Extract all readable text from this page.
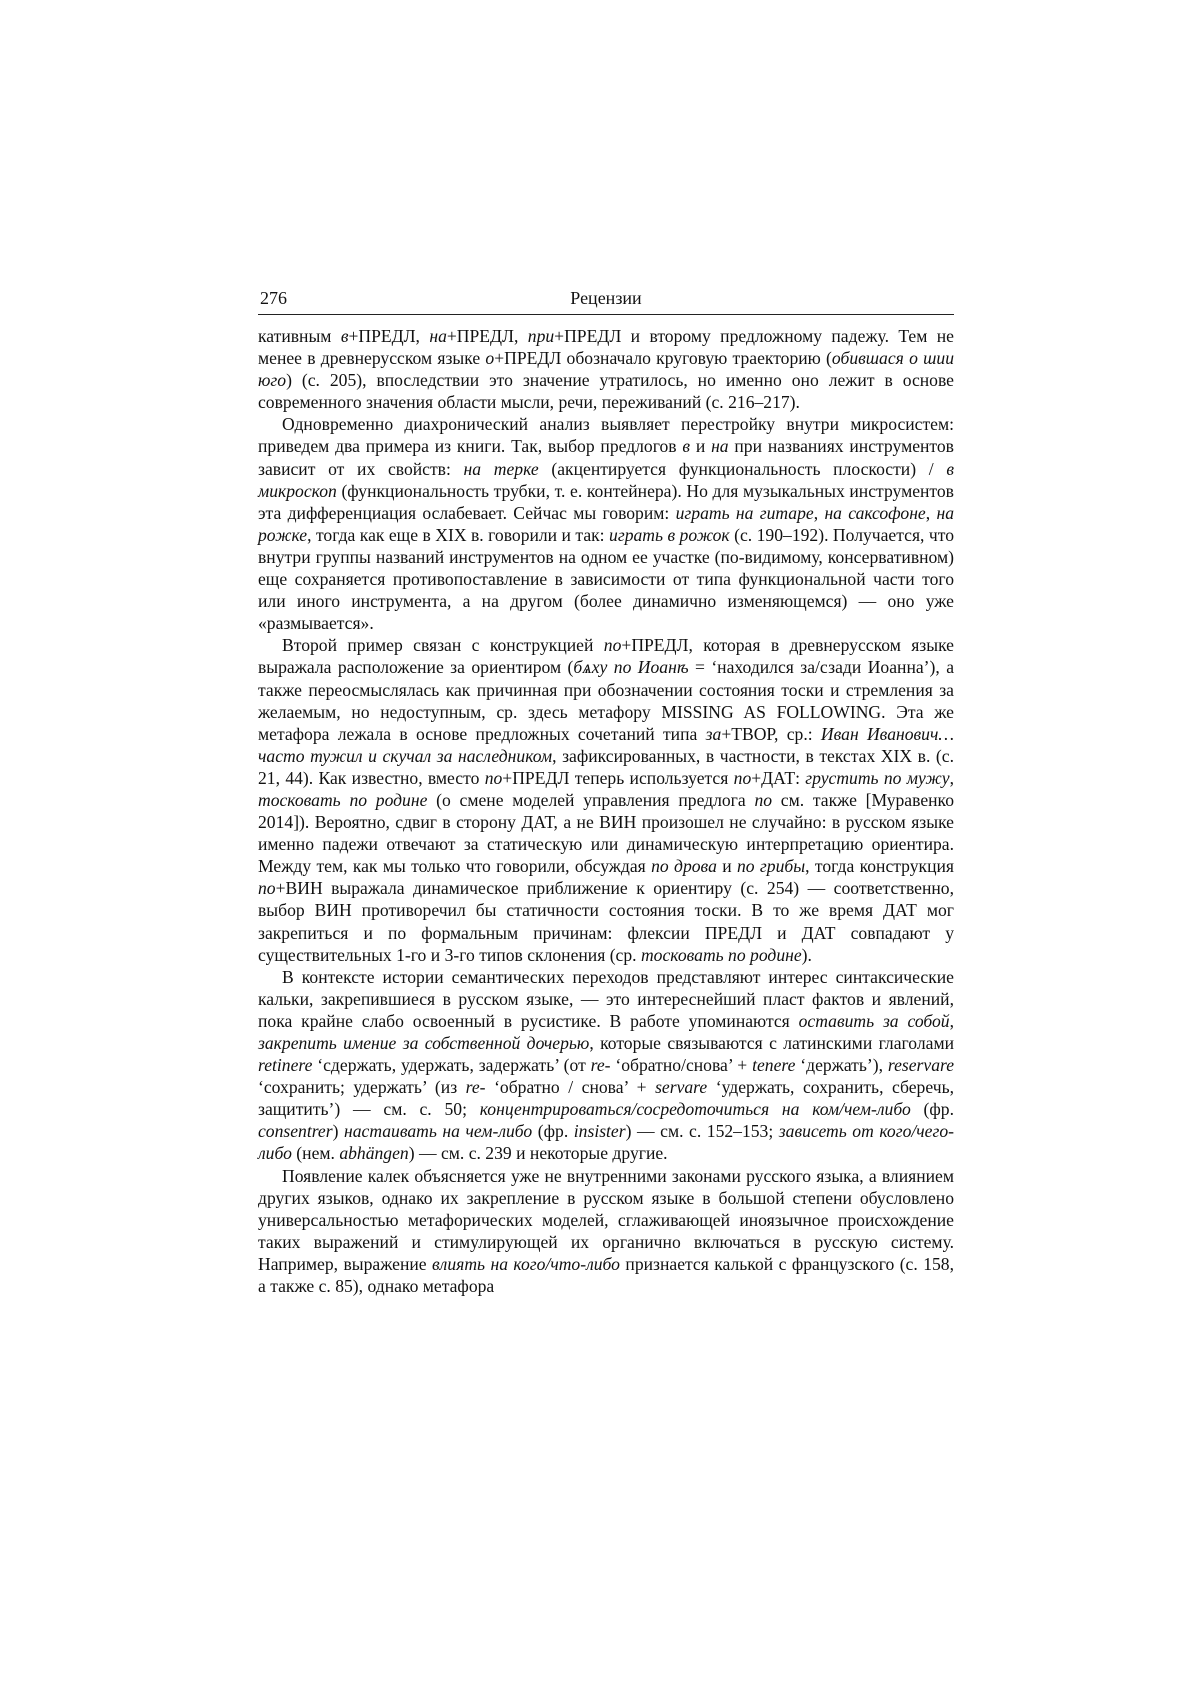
276	Рецензии

кативным в+ПРЕДЛ, на+ПРЕДЛ, при+ПРЕДЛ и второму предложному падежу. Тем не менее в древнерусском языке о+ПРЕДЛ обозначало круговую траекторию (обившася о шии юго) (с. 205), впоследствии это значение утратилось, но именно оно лежит в основе современного значения области мысли, речи, переживаний (с. 216–217).

Одновременно диахронический анализ выявляет перестройку внутри микросистем: приведем два примера из книги. Так, выбор предлогов в и на при названиях инструментов зависит от их свойств: на терке (акцентируется функциональность плоскости) / в микроскоп (функциональность трубки, т. е. контейнера). Но для музыкальных инструментов эта дифференциация ослабевает. Сейчас мы говорим: играть на гитаре, на саксофоне, на рожке, тогда как еще в XIX в. говорили и так: играть в рожок (с. 190–192). Получается, что внутри группы названий инструментов на одном ее участке (по-видимому, консервативном) еще сохраняется противопоставление в зависимости от типа функциональной части того или иного инструмента, а на другом (более динамично изменяющемся) — оно уже «размывается».

Второй пример связан с конструкцией по+ПРЕДЛ, которая в древнерусском языке выражала расположение за ориентиром (бѧху по Иоанѣ = ‘находился за/сзади Иоанна’), а также переосмыслялась как причинная при обозначении состояния тоски и стремления за желаемым, но недоступным, ср. здесь метафору MISSING AS FOLLOWING. Эта же метафора лежала в основе предложных сочетаний типа за+ТВОР, ср.: Иван Иванович… часто тужил и скучал за наследником, зафиксированных, в частности, в текстах XIX в. (с. 21, 44). Как известно, вместо по+ПРЕДЛ теперь используется по+ДАТ: грустить по мужу, тосковать по родине (о смене моделей управления предлога по см. также [Муравенко 2014]). Вероятно, сдвиг в сторону ДАТ, а не ВИН произошел не случайно: в русском языке именно падежи отвечают за статическую или динамическую интерпретацию ориентира. Между тем, как мы только что говорили, обсуждая по дрова и по грибы, тогда конструкция по+ВИН выражала динамическое приближение к ориентиру (с. 254) — соответственно, выбор ВИН противоречил бы статичности состояния тоски. В то же время ДАТ мог закрепиться и по формальным причинам: флексии ПРЕДЛ и ДАТ совпадают у существительных 1-го и 3-го типов склонения (ср. тосковать по родине).

В контексте истории семантических переходов представляют интерес синтаксические кальки, закрепившиеся в русском языке, — это интереснейший пласт фактов и явлений, пока крайне слабо освоенный в русистике. В работе упоминаются оставить за собой, закрепить имение за собственной дочерью, которые связываются с латинскими глаголами retinere ‘сдержать, удержать, задержать’ (от re- ‘обратно/снова’ + tenere ‘держать’), reservare ‘сохранить; удержать’ (из re- ‘обратно / снова’ + servare ‘удержать, сохранить, сберечь, защитить’) — см. с. 50; концентрироваться/сосредоточиться на ком/чем-либо (фр. consentrer) настаивать на чем-либо (фр. insister) — см. с. 152–153; зависеть от кого/чего-либо (нем. abhängen) — см. с. 239 и некоторые другие.

Появление калек объясняется уже не внутренними законами русского языка, а влиянием других языков, однако их закрепление в русском языке в большой степени обусловлено универсальностью метафорических моделей, сглаживающей иноязычное происхождение таких выражений и стимулирующей их органично включаться в русскую систему. Например, выражение влиять на кого/что-либо признается калькой с французского (с. 158, а также с. 85), однако метафора
